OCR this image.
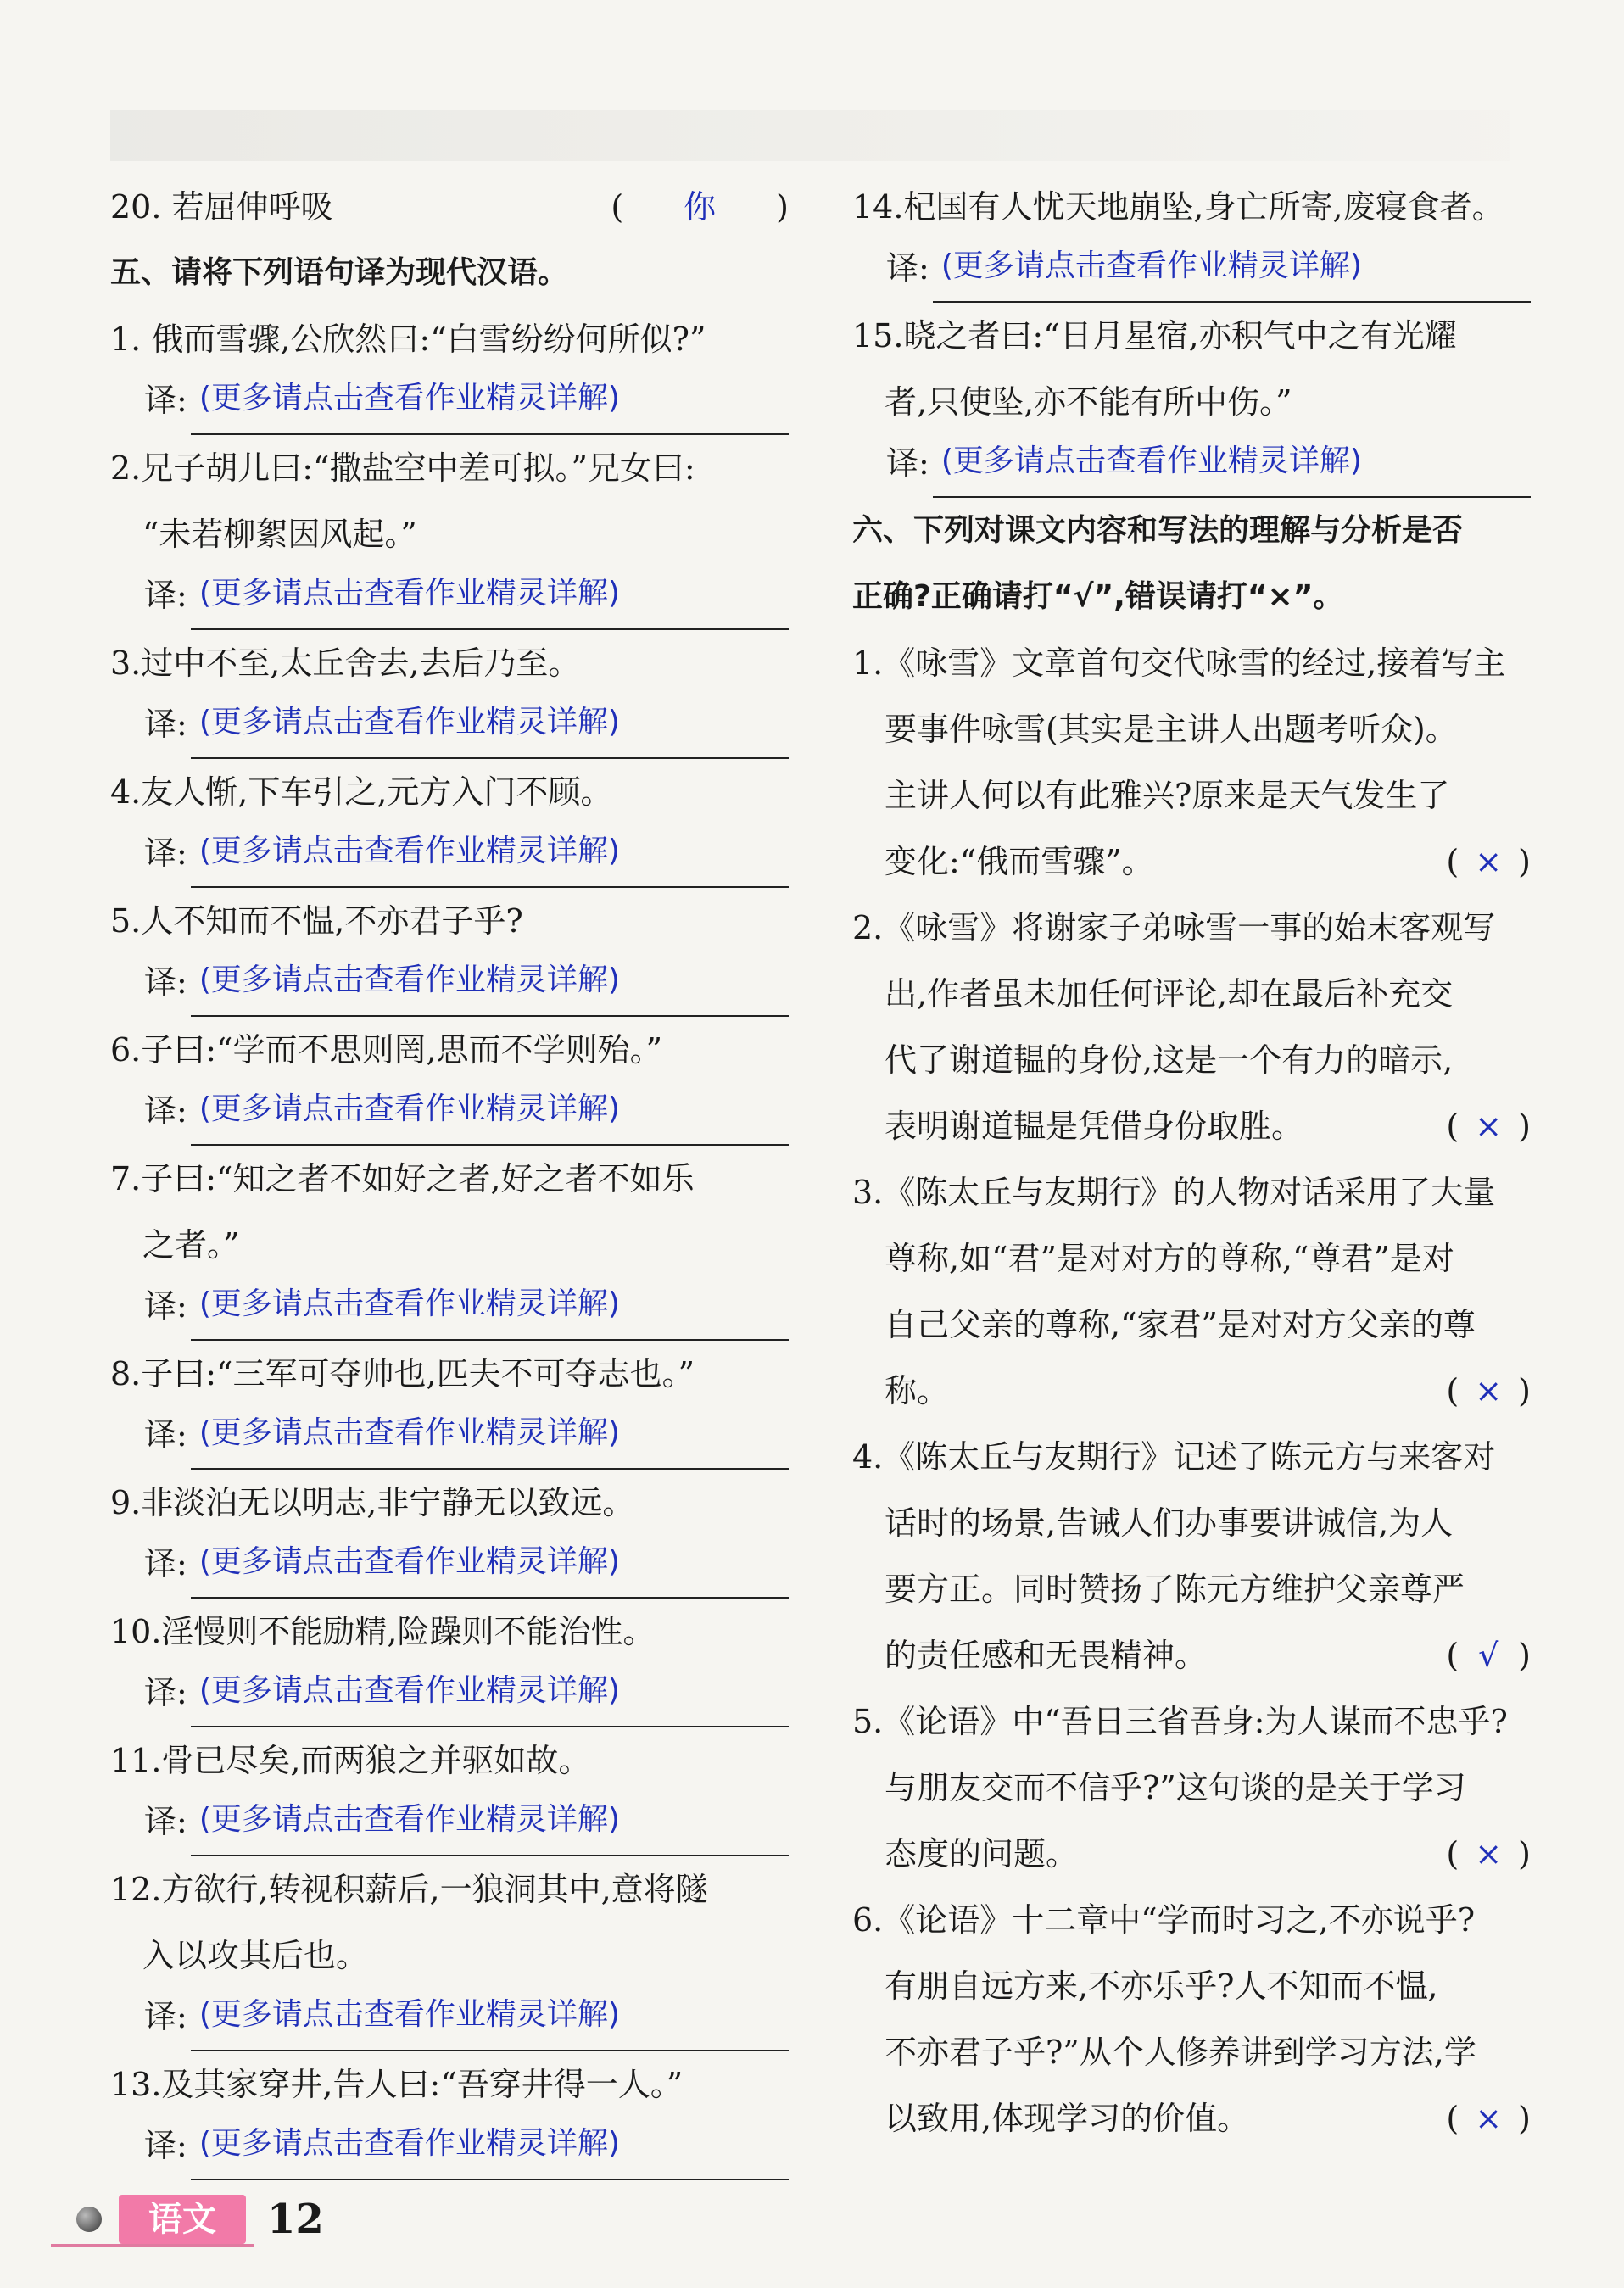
20. 若屈伸呼吸	( 你 )
五、请将下列语句译为现代汉语。
1. 俄而雪骤,公欣然曰:“白雪纷纷何所似?”
译: (更多请点击查看作业精灵详解)
2.兄子胡儿曰:“撒盐空中差可拟。”兄女曰:
“未若柳絮因风起。”
译: (更多请点击查看作业精灵详解)
3.过中不至,太丘舍去,去后乃至。
译: (更多请点击查看作业精灵详解)
4.友人惭,下车引之,元方入门不顾。
译: (更多请点击查看作业精灵详解)
5.人不知而不愠,不亦君子乎?
译: (更多请点击查看作业精灵详解)
6.子曰:“学而不思则罔,思而不学则殆。”
译: (更多请点击查看作业精灵详解)
7.子曰:“知之者不如好之者,好之者不如乐
之者。”
译: (更多请点击查看作业精灵详解)
8.子曰:“三军可夺帅也,匹夫不可夺志也。”
译: (更多请点击查看作业精灵详解)
9.非淡泊无以明志,非宁静无以致远。
译: (更多请点击查看作业精灵详解)
10.淫慢则不能励精,险躁则不能治性。
译: (更多请点击查看作业精灵详解)
11.骨已尽矣,而两狼之并驱如故。
译: (更多请点击查看作业精灵详解)
12.方欲行,转视积薪后,一狼洞其中,意将隧
入以攻其后也。
译: (更多请点击查看作业精灵详解)
13.及其家穿井,告人曰:“吾穿井得一人。”
译: (更多请点击查看作业精灵详解)
14.杞国有人忧天地崩坠,身亡所寄,废寝食者。
译: (更多请点击查看作业精灵详解)
15.晓之者曰:“日月星宿,亦积气中之有光耀
者,只使坠,亦不能有所中伤。”
译: (更多请点击查看作业精灵详解)
六、下列对课文内容和写法的理解与分析是否
正确?正确请打“√”,错误请打“×”。
1.《咏雪》文章首句交代咏雪的经过,接着写主
要事件咏雪(其实是主讲人出题考听众)。
主讲人何以有此雅兴?原来是天气发生了
变化:“俄而雪骤”。	( × )
2.《咏雪》将谢家子弟咏雪一事的始末客观写
出,作者虽未加任何评论,却在最后补充交
代了谢道韫的身份,这是一个有力的暗示,
表明谢道韫是凭借身份取胜。	( × )
3.《陈太丘与友期行》的人物对话采用了大量
尊称,如“君”是对对方的尊称,“尊君”是对
自己父亲的尊称,“家君”是对对方父亲的尊
称。	( × )
4.《陈太丘与友期行》记述了陈元方与来客对
话时的场景,告诫人们办事要讲诚信,为人
要方正。同时赞扬了陈元方维护父亲尊严
的责任感和无畏精神。	( √ )
5.《论语》中“吾日三省吾身:为人谋而不忠乎?
与朋友交而不信乎?”这句谈的是关于学习
态度的问题。	( × )
6.《论语》十二章中“学而时习之,不亦说乎?
有朋自远方来,不亦乐乎?人不知而不愠,
不亦君子乎?”从个人修养讲到学习方法,学
以致用,体现学习的价值。	( × )
语文	12
